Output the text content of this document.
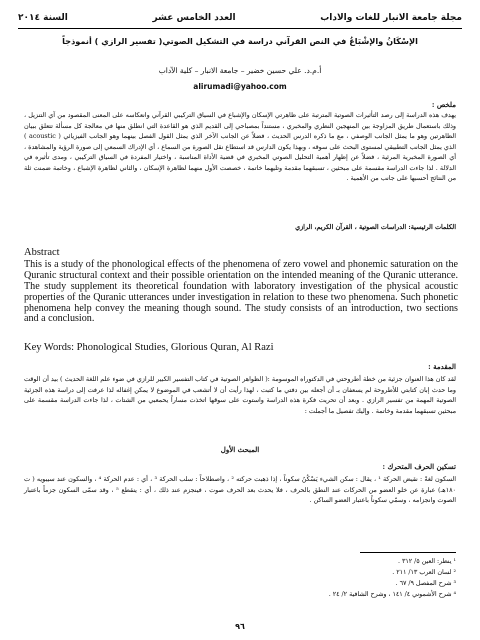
السنة ٢٠١٤	العدد الخامس عشر	مجلة جامعة الانبار للغات والاداب
الإسْكَانُ والإشْبَاعُ في النص القرآني دراسة في التشكيل الصوتي( تفسير الرازي ) أنموذجاً
أ.م.د. علي حسين خضير – جامعة الانبار – كلية الآداب
alirumadi@yahoo.com
ملخص :
يهدف هذه الدراسة إلى رصد التأثيرات الصوتية المترتبة على ظاهرتي الإسكان والإشباع في السياق التركيبي القرآني وانعكاسه على المعنى المقصود من آي التنزيل ، وذلك باستعمال طريق المزاوجة بين المنهجين النظري والمخبري ، مستنداً بمصباحي إلى القديم الذي هو القاعدة التي انطلق منها في معالجة كل مسألة تتعلق ببيان الظاهرتين وهو ما يمثل الجانب الوصفي ، مع ما ذكره الدرس الحديث ، فضلاً عن الجانب الآخر الذي يمثل القول الفصل بينهما وهو الجانب الفيزيائي ( acoustic ) الذي يمثل الجانب التطبيقي لمستوى البحث على سوقه ، وبهذا يكون الدارس قد استطاع نقل الصورة من السماع ، أي الإدراك السمعي إلى صورة الرؤية والمشاهدة ، أي الصورة المخبرية المرئية ، فضلاً عن إظهار أهمية التحليل الصوتي المخبري في قضية الأداة المناسبة ، واختيار المفردة في السياق التركيبي ، ومدى تأثيره في الدلالة . لذا جاءت الدراسة مقسمة على مبحثين ، تسبقهما مقدمة وتليهما خاتمة ، خصصت الأول منهما لظاهرة الإسكان ، والثاني لظاهرة الإشباع ، وخاتمة ضمنت ثلة من النتائج أحسبها على جانب من الأهمية .
الكلمات الرئيسية: الدراسات الصوتية ، القرآن الكريم، الرازي
Abstract
This is a study of the phonological effects of the phenomena of zero vowel and phonemic saturation on the Quranic structural context and their possible orientation on the intended meaning of the Quranic utterance. The study supplement its theoretical foundation with laboratory investigation of the physical acoustic properties of the Quranic utterances under investigation in relation to these two phenomena. Such phonetic phenomena help convey the meaning though sound. The study consists of an introduction, two sections and a conclusion.
Key Words: Phonological Studies, Glorious Quran, Al Razi
المقدمة :
لقد كان هذا العنوان جزئية من خطة أطروحتي في الدكتوراه الموسومة :( الظواهر الصوتية في كتاب التفسير الكبير للرازي في ضوء علم اللغة الحديث ) بيد أن الوقت وما حدث إبان كتابتي للأطروحة لم يسعفان بـ أن أجعله بين دفتي ما كتبت ، لهذا رأيت أن لا أتشعب في الموضوع لا يمكن إغفاله لذا عرفت إلى دراسة هذه الجزئية الصوتية المهمة من تفسير الرازي . وبعد أن تحريت فكرة هذه الدراسة واستوت على سوقها اتخذت مساراً يحمعبي من الشتات ، لذا جاءت الدراسة مقسمة على مبحثين تسبقهما مقدمة وخاتمة . وإليك تفصيل ما أجملت :
المبحث الأول
تسكين الحرف المتحرك :
السكون لغةً : نقيض الحركة ¹ ، يقال : سكن الشيء يَسْكُنُ سكوناً ، إذا ذهبت حركته ² ، واصطلاحاً : سلب الحركة ³ ، أي : عدم الحركة ⁴ ، والسكون عند سيبويه ( ت ١٨٠هـ) عبارة عن خلو العضو من الحركات عند النطق بالحرف ، فلا يحدث بعد الحرف صوت ، فينجزم عند ذلك ، أي : ينقطع ⁵ ، وقد سمّى السكون جزماً باعتبار الصوت وانجزامه ، وسمّي سكوناً باعتبار العضو الساكن .
¹ ينظر: العين ٥/ ٣١٢ .
² لسان العرب ١٣/ ٢١١ .
³ شرح المفصل ٩/ ٦٧ .
⁴ شرح الأشموني ٤/ ١٤١ ، وشرح الشافية ٢/ ٢٤ .
٩٦
